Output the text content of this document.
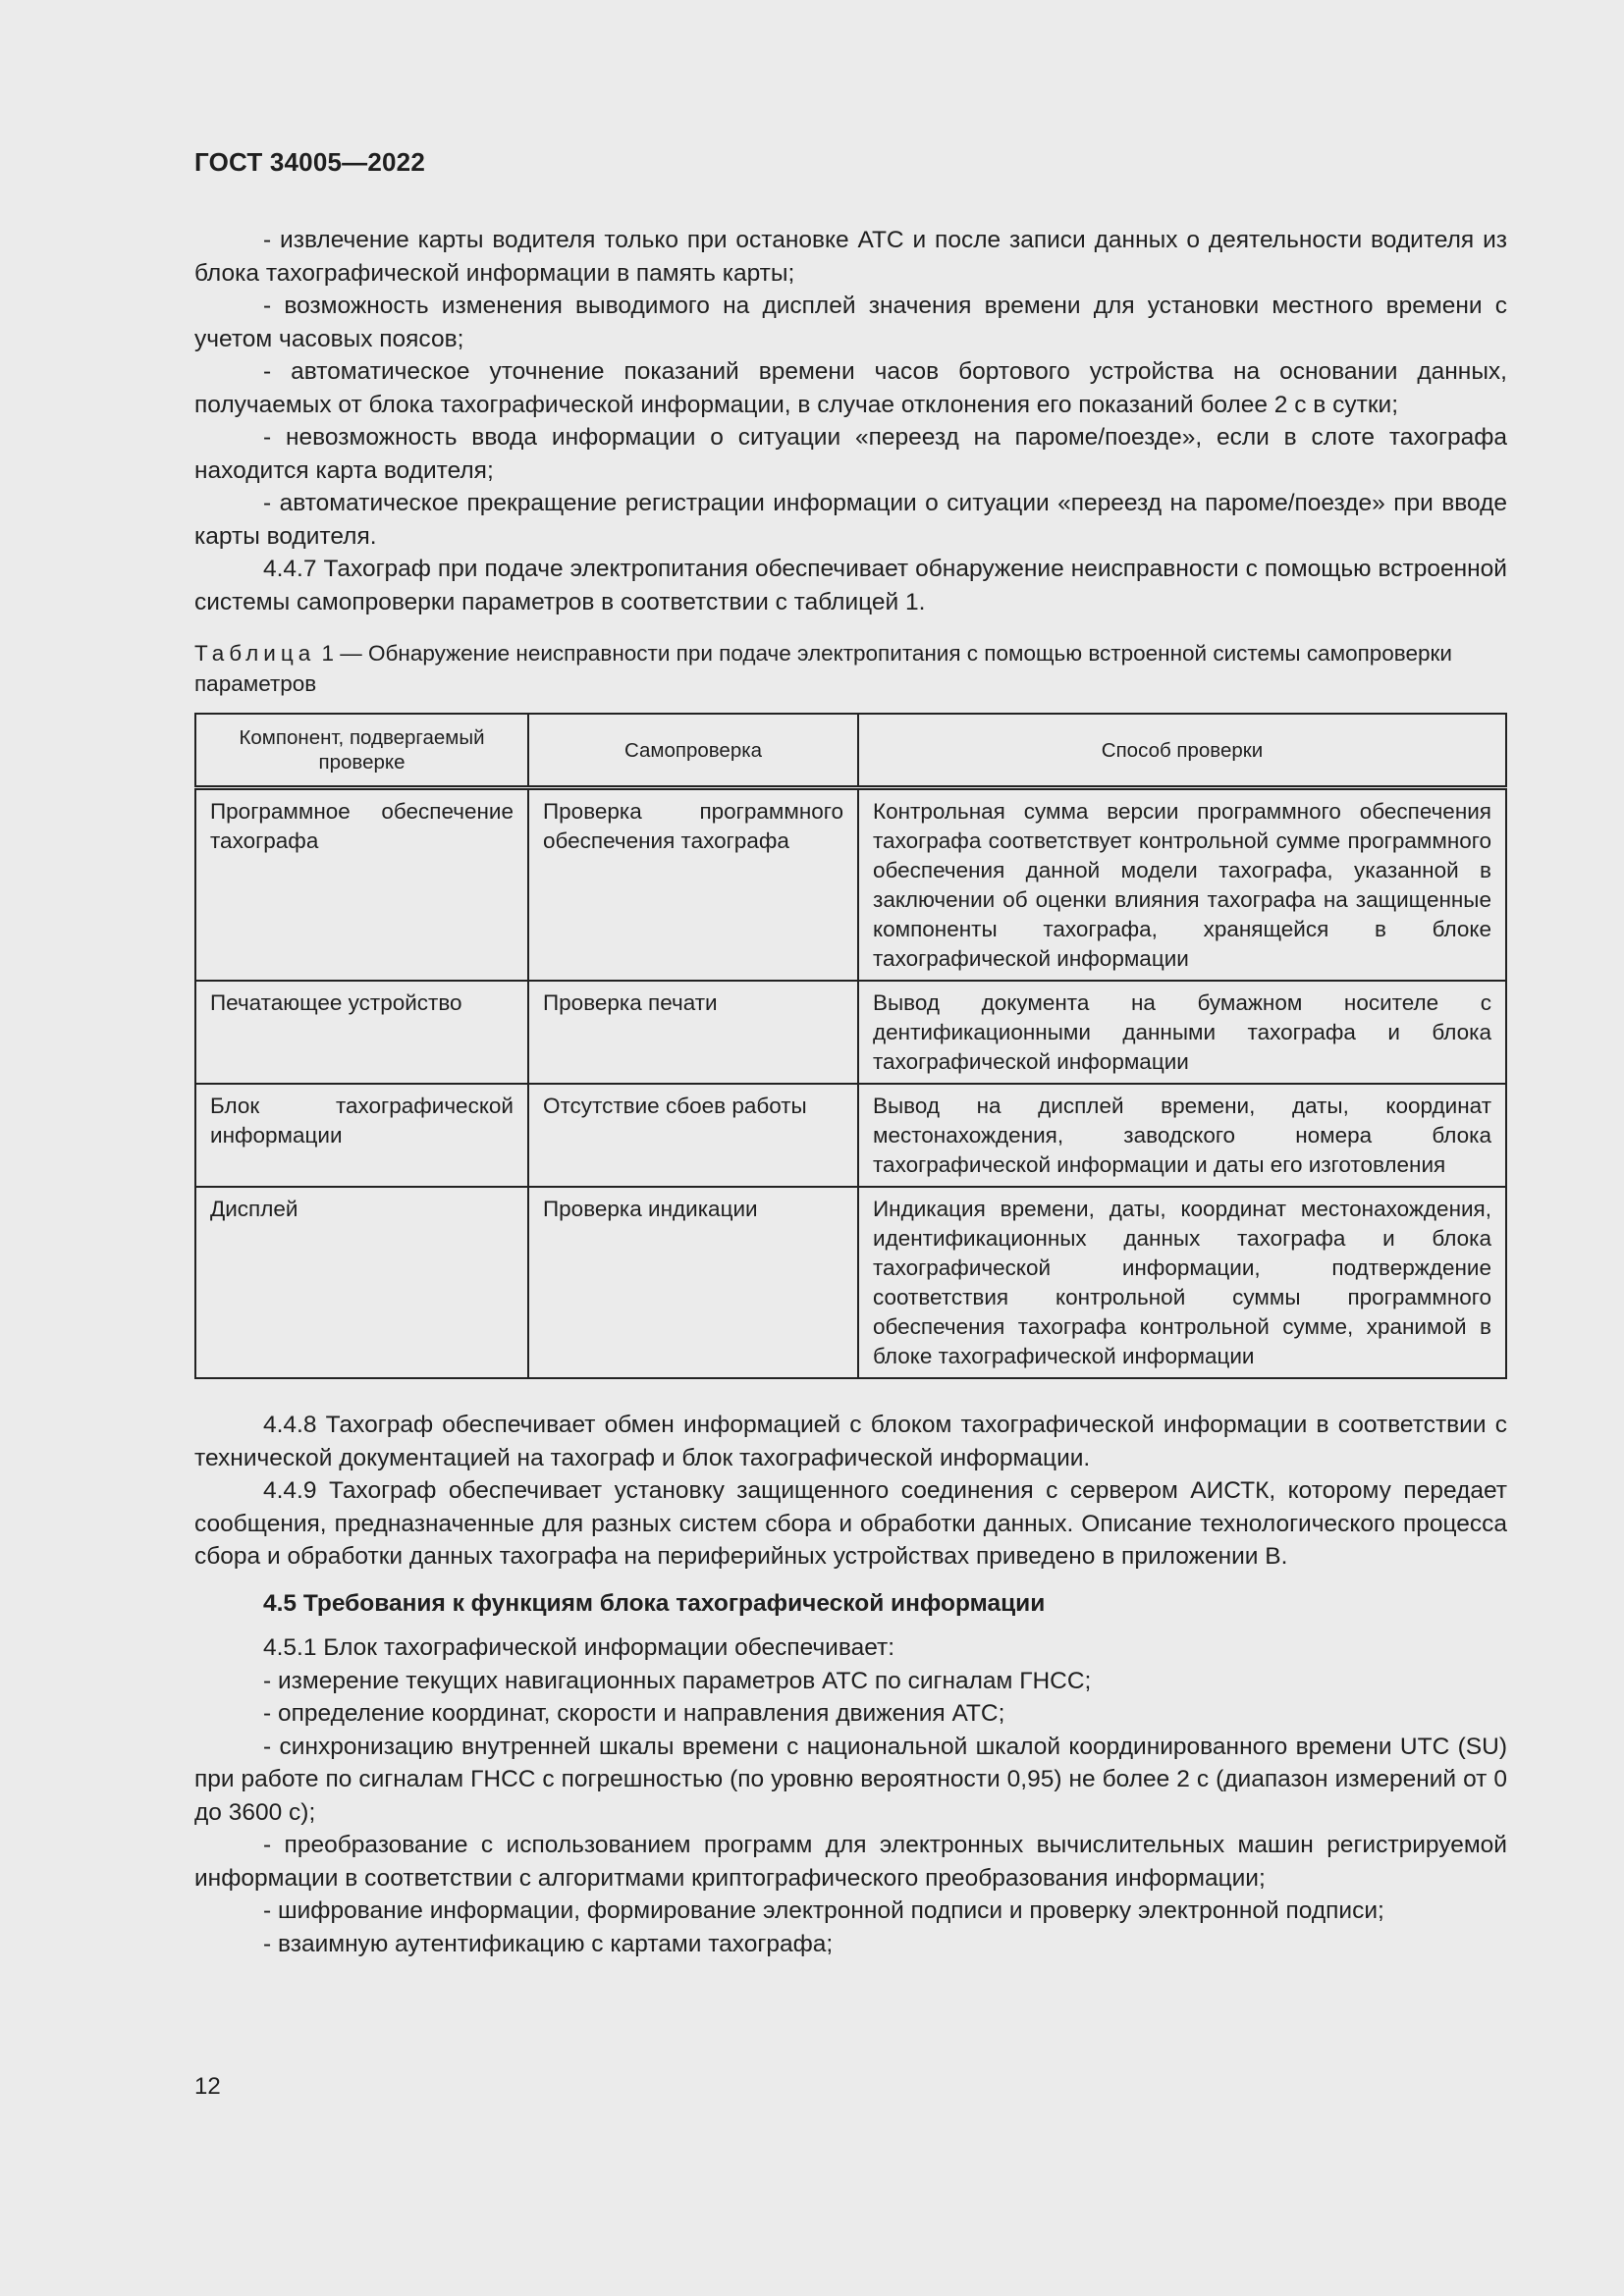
ГОСТ 34005—2022

- извлечение карты водителя только при остановке АТС и после записи данных о деятельности водителя из блока тахографической информации в память карты;

- возможность изменения выводимого на дисплей значения времени для установки местного времени с учетом часовых поясов;

- автоматическое уточнение показаний времени часов бортового устройства на основании данных, получаемых от блока тахографической информации, в случае отклонения его показаний более 2 с в сутки;

- невозможность ввода информации о ситуации «переезд на пароме/поезде», если в слоте тахографа находится карта водителя;

- автоматическое прекращение регистрации информации о ситуации «переезд на пароме/поезде» при вводе карты водителя.

4.4.7 Тахограф при подаче электропитания обеспечивает обнаружение неисправности с помощью встроенной системы самопроверки параметров в соответствии с таблицей 1.

Таблица 1 — Обнаружение неисправности при подаче электропитания с помощью встроенной системы самопроверки параметров

Компонент, подвергаемый проверке	Самопроверка	Способ проверки
Программное обеспечение тахографа	Проверка программного обеспечения тахографа	Контрольная сумма версии программного обеспечения тахографа соответствует контрольной сумме программного обеспечения данной модели тахографа, указанной в заключении об оценки влияния тахографа на защищенные компоненты тахографа, хранящейся в блоке тахографической информации
Печатающее устройство	Проверка печати	Вывод документа на бумажном носителе с дентификационными данными тахографа и блока тахографической информации
Блок тахографической информации	Отсутствие сбоев работы	Вывод на дисплей времени, даты, координат местонахождения, заводского номера блока тахографической информации и даты его изготовления
Дисплей	Проверка индикации	Индикация времени, даты, координат местонахождения, идентификационных данных тахографа и блока тахографической информации, подтверждение соответствия контрольной суммы программного обеспечения тахографа контрольной сумме, хранимой в блоке тахографической информации

4.4.8 Тахограф обеспечивает обмен информацией с блоком тахографической информации в соответствии с технической документацией на тахограф и блок тахографической информации.

4.4.9 Тахограф обеспечивает установку защищенного соединения с сервером АИСТК, которому передает сообщения, предназначенные для разных систем сбора и обработки данных. Описание технологического процесса сбора и обработки данных тахографа на периферийных устройствах приведено в приложении В.

4.5 Требования к функциям блока тахографической информации

4.5.1 Блок тахографической информации обеспечивает:

- измерение текущих навигационных параметров АТС по сигналам ГНСС;

- определение координат, скорости и направления движения АТС;

- синхронизацию внутренней шкалы времени с национальной шкалой координированного времени UTC (SU) при работе по сигналам ГНСС с погрешностью (по уровню вероятности 0,95) не более 2 с (диапазон измерений от 0 до 3600 с);

- преобразование с использованием программ для электронных вычислительных машин регистрируемой информации в соответствии с алгоритмами криптографического преобразования информации;

- шифрование информации, формирование электронной подписи и проверку электронной подписи;

- взаимную аутентификацию с картами тахографа;

12
